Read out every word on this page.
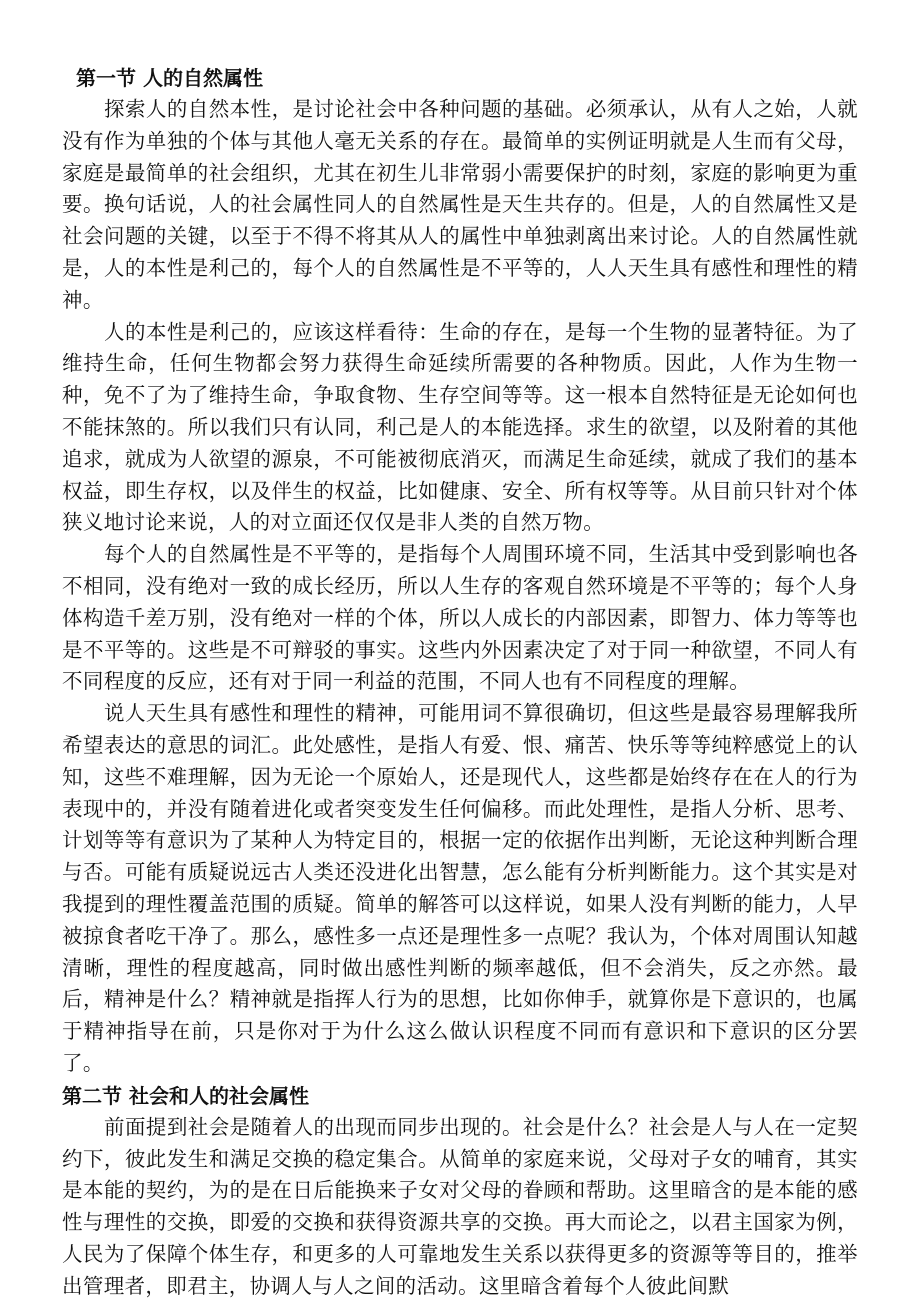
第一节 人的自然属性

探索人的自然本性，是讨论社会中各种问题的基础。必须承认，从有人之始，人就没有作为单独的个体与其他人毫无关系的存在。最简单的实例证明就是人生而有父母，家庭是最简单的社会组织，尤其在初生儿非常弱小需要保护的时刻，家庭的影响更为重要。换句话说，人的社会属性同人的自然属性是天生共存的。但是，人的自然属性又是社会问题的关键，以至于不得不将其从人的属性中单独剥离出来讨论。人的自然属性就是，人的本性是利己的，每个人的自然属性是不平等的，人人天生具有感性和理性的精神。

人的本性是利己的，应该这样看待：生命的存在，是每一个生物的显著特征。为了维持生命，任何生物都会努力获得生命延续所需要的各种物质。因此，人作为生物一种，免不了为了维持生命，争取食物、生存空间等等。这一根本自然特征是无论如何也不能抹煞的。所以我们只有认同，利己是人的本能选择。求生的欲望，以及附着的其他追求，就成为人欲望的源泉，不可能被彻底消灭，而满足生命延续，就成了我们的基本权益，即生存权，以及伴生的权益，比如健康、安全、所有权等等。从目前只针对个体狭义地讨论来说，人的对立面还仅仅是非人类的自然万物。

每个人的自然属性是不平等的，是指每个人周围环境不同，生活其中受到影响也各不相同，没有绝对一致的成长经历，所以人生存的客观自然环境是不平等的；每个人身体构造千差万别，没有绝对一样的个体，所以人成长的内部因素，即智力、体力等等也是不平等的。这些是不可辩驳的事实。这些内外因素决定了对于同一种欲望，不同人有不同程度的反应，还有对于同一利益的范围，不同人也有不同程度的理解。

说人天生具有感性和理性的精神，可能用词不算很确切，但这些是最容易理解我所希望表达的意思的词汇。此处感性，是指人有爱、恨、痛苦、快乐等等纯粹感觉上的认知，这些不难理解，因为无论一个原始人，还是现代人，这些都是始终存在在人的行为表现中的，并没有随着进化或者突变发生任何偏移。而此处理性，是指人分析、思考、计划等等有意识为了某种人为特定目的，根据一定的依据作出判断，无论这种判断合理与否。可能有质疑说远古人类还没进化出智慧，怎么能有分析判断能力。这个其实是对我提到的理性覆盖范围的质疑。简单的解答可以这样说，如果人没有判断的能力，人早被掠食者吃干净了。那么，感性多一点还是理性多一点呢？我认为，个体对周围认知越清晰，理性的程度越高，同时做出感性判断的频率越低，但不会消失，反之亦然。最后，精神是什么？精神就是指挥人行为的思想，比如你伸手，就算你是下意识的，也属于精神指导在前，只是你对于为什么这么做认识程度不同而有意识和下意识的区分罢了。

第二节 社会和人的社会属性

前面提到社会是随着人的出现而同步出现的。社会是什么？社会是人与人在一定契约下，彼此发生和满足交换的稳定集合。从简单的家庭来说，父母对子女的哺育，其实是本能的契约，为的是在日后能换来子女对父母的眷顾和帮助。这里暗含的是本能的感性与理性的交换，即爱的交换和获得资源共享的交换。再大而论之，以君主国家为例，人民为了保障个体生存，和更多的人可靠地发生关系以获得更多的资源等等目的，推举出管理者，即君主，协调人与人之间的活动。这里暗含着每个人彼此间默
